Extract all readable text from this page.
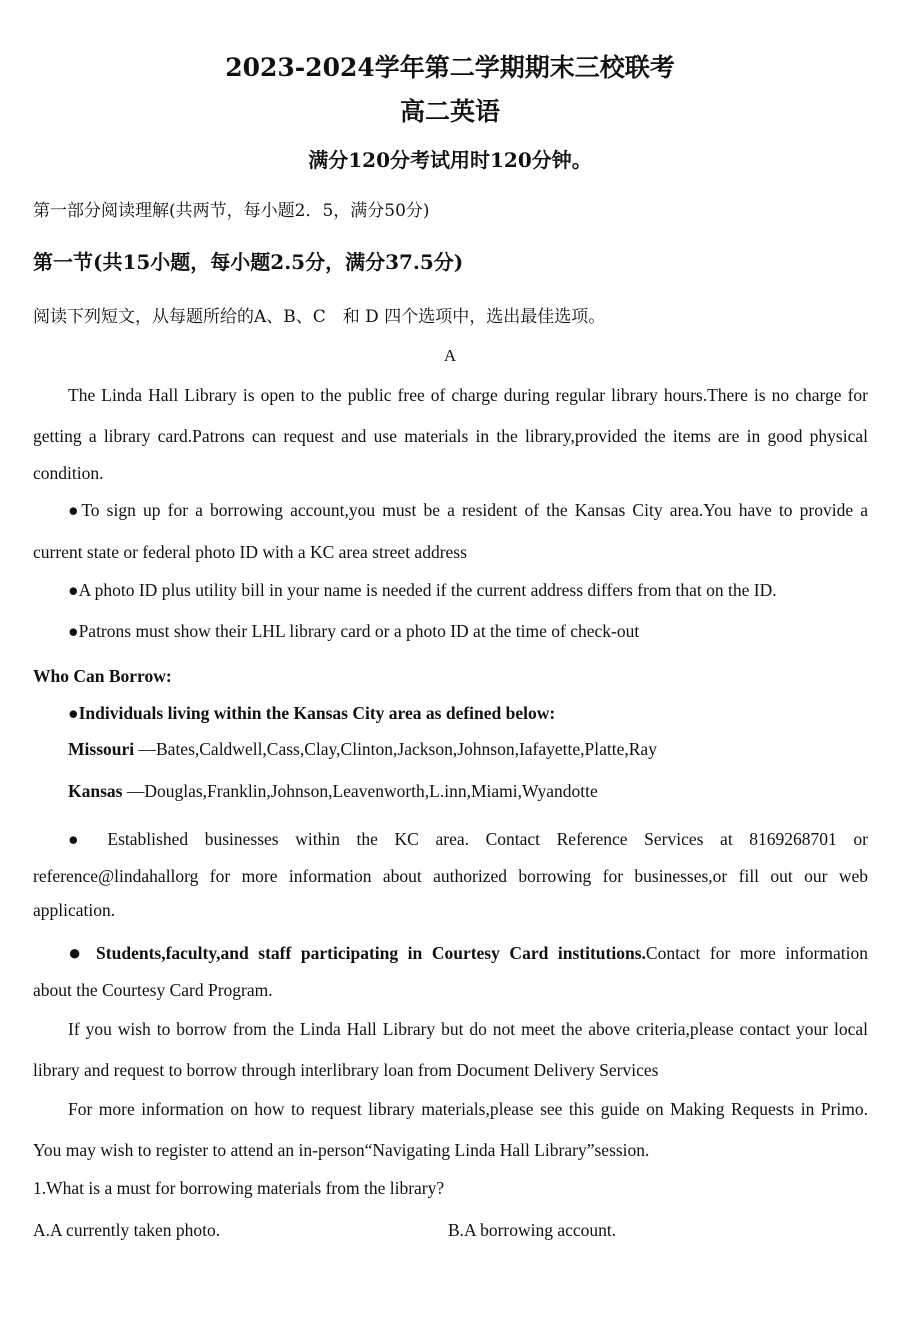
2023-2024学年第二学期期末三校联考
高二英语
满分120分考试用时120分钟。
第一部分阅读理解(共两节，每小题2．5，满分50分)
第一节(共15小题，每小题2.5分，满分37.5分)
阅读下列短文，从每题所给的A、B、C　和 D 四个选项中，选出最佳选项。
A
The Linda Hall Library is open to the public free of charge during regular library hours.There is no charge for
getting a library card.Patrons can request and use materials in the library,provided the items are in good physical
condition.
●To sign up for a borrowing account,you must be a resident of the Kansas City area.You have to provide a
current state or federal photo ID with a KC area street address
●A photo ID plus utility bill in your name is needed if the current address differs from that on the ID.
●Patrons must show their LHL library card or a photo ID at the time of check-out
Who Can Borrow:
●Individuals living within the Kansas City area as defined below:
Missouri —Bates,Caldwell,Cass,Clay,Clinton,Jackson,Johnson,Iafayette,Platte,Ray
Kansas —Douglas,Franklin,Johnson,Leavenworth,L.inn,Miami,Wyandotte
● Established businesses within the KC area. Contact Reference Services at 8169268701 or
reference@lindahallorg for more information about authorized borrowing for businesses,or fill out our web
application.
● Students,faculty,and staff participating in Courtesy Card institutions.Contact for more information
about the Courtesy Card Program.
If you wish to borrow from the Linda Hall Library but do not meet the above criteria,please contact your local
library and request to borrow through interlibrary loan from Document Delivery Services
For more information on how to request library materials,please see this guide on Making Requests in Primo.
You may wish to register to attend an in-person“Navigating Linda Hall Library”session.
1.What is a must for borrowing materials from the library?
A.A currently taken photo.	B.A borrowing account.
